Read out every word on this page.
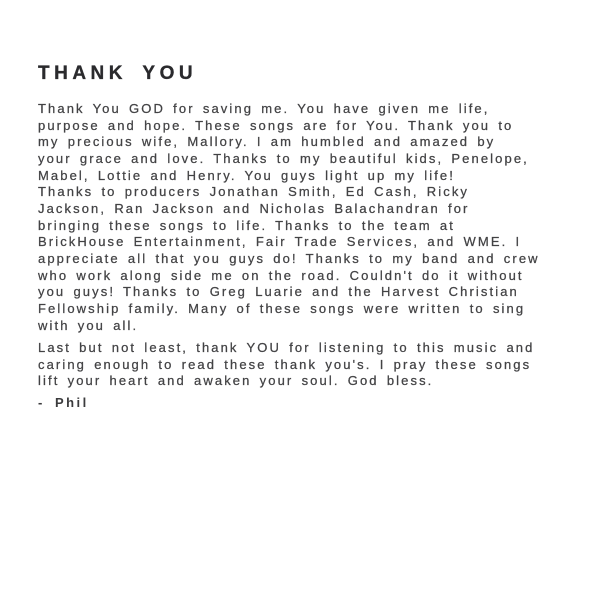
THANK YOU
Thank You GOD for saving me. You have given me life,
purpose and hope. These songs are for You. Thank you to
my precious wife, Mallory. I am humbled and amazed by
your grace and love. Thanks to my beautiful kids, Penelope,
Mabel, Lottie and Henry. You guys light up my life!
Thanks to producers Jonathan Smith, Ed Cash, Ricky
Jackson, Ran Jackson and Nicholas Balachandran for
bringing these songs to life. Thanks to the team at
BrickHouse Entertainment, Fair Trade Services, and WME. I
appreciate all that you guys do! Thanks to my band and crew
who work along side me on the road. Couldn't do it without
you guys! Thanks to Greg Luarie and the Harvest Christian
Fellowship family. Many of these songs were written to sing
with you all.
Last but not least, thank YOU for listening to this music and
caring enough to read these thank you's. I pray these songs
lift your heart and awaken your soul. God bless.
- Phil
